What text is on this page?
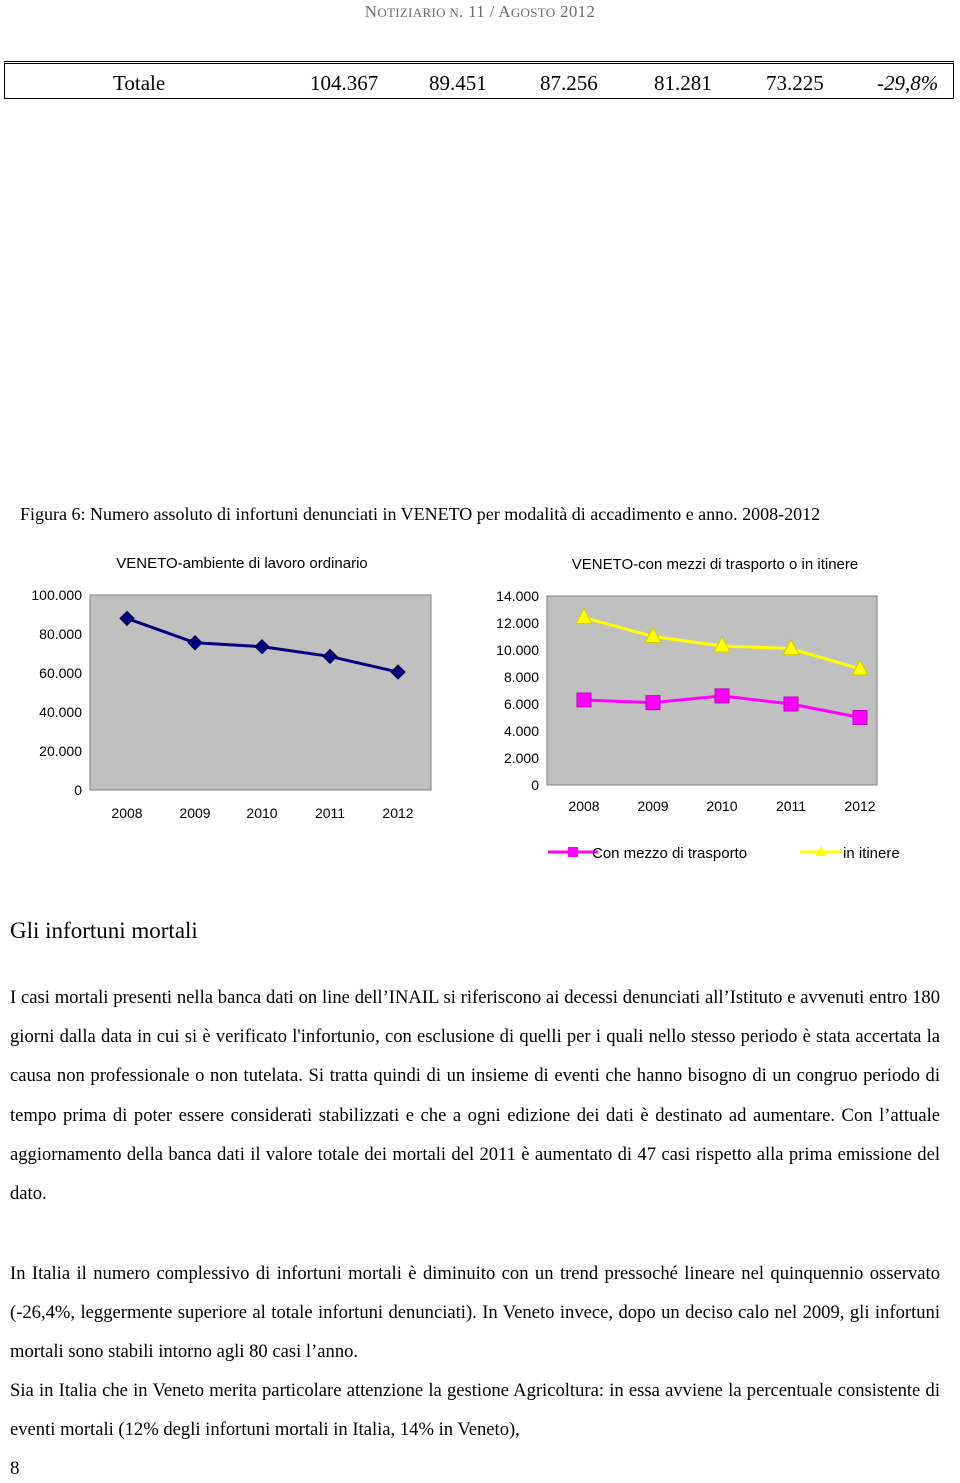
NOTIZIARIO N. 11 / AGOSTO 2012
Totale	104.367 89.451	87.256	81.281	73.225	-29,8%
Figura 6: Numero assoluto di infortuni denunciati in VENETO per modalità di accadimento e anno. 2008-2012
VENETO-ambiente di lavoro ordinario
100.000
80.000
60.000
40.000
20.000
0
2008	2009	2010	2011	2012
VENETO-con mezzi di trasporto o in itinere
14.000
12.000
10.000
8.000
6.000
4.000
2.000
0
2008	2009	2010	2011	2012
Con mezzo di trasporto	in itinere
Gli infortuni mortali

I casi mortali presenti nella banca dati on line dell’INAIL si riferiscono ai decessi denunciati all’Istituto e avvenuti entro 180 giorni dalla data in cui si è verificato l'infortunio, con esclusione di quelli per i quali nello stesso periodo è stata accertata la causa non professionale o non tutelata. Si tratta quindi di un insieme di eventi che hanno bisogno di un congruo periodo di tempo prima di poter essere considerati stabilizzati e che a ogni edizione dei dati è destinato ad aumentare. Con l’attuale aggiornamento della banca dati il valore totale dei mortali del 2011 è aumentato di 47 casi rispetto alla prima emissione del dato.

In Italia il numero complessivo di infortuni mortali è diminuito con un trend pressoché lineare nel quinquennio osservato (-26,4%, leggermente superiore al totale infortuni denunciati). In Veneto invece, dopo un deciso calo nel 2009, gli infortuni mortali sono stabili intorno agli 80 casi l’anno.

Sia in Italia che in Veneto merita particolare attenzione la gestione Agricoltura: in essa avviene la percentuale consistente di eventi mortali (12% degli infortuni mortali in Italia, 14% in Veneto),

8
